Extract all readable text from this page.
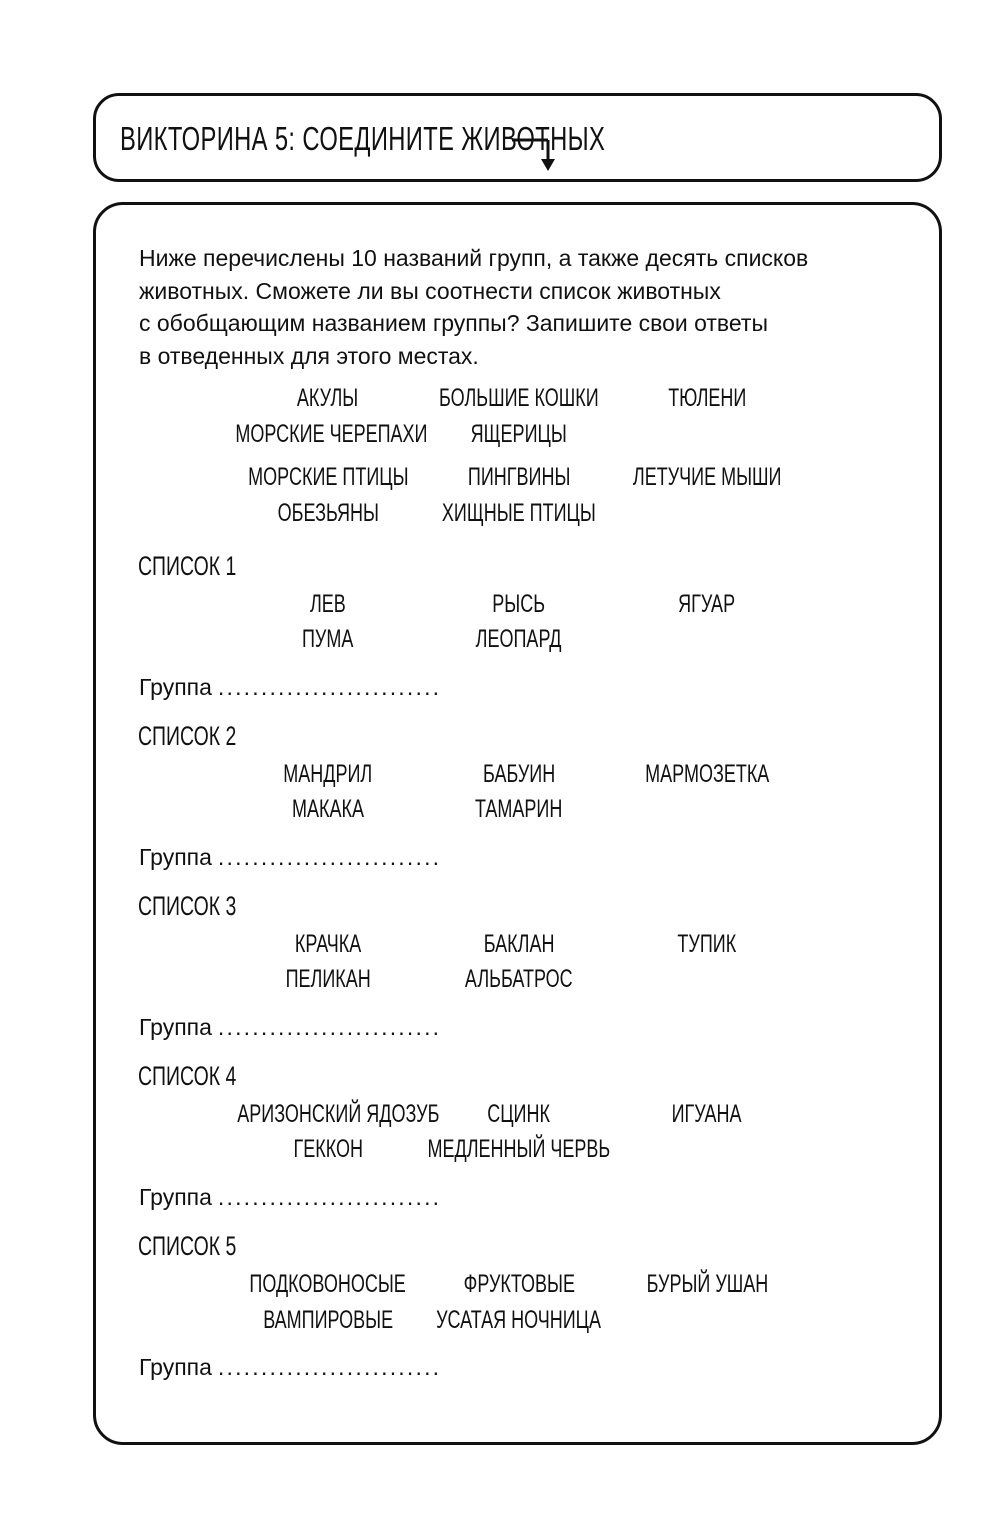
ВИКТОРИНА 5: СОЕДИНИТЕ ЖИВОТНЫХ

Ниже перечислены 10 названий групп, а также десять списков

животных. Сможете ли вы соотнести список животных

с обобщающим названием группы? Запишите свои ответы

в отведенных для этого местах.

АКУЛЫ	БОЛЬШИЕ КОШКИ	ТЮЛЕНИ
МОРСКИЕ ЧЕРЕПАХИ	ЯЩЕРИЦЫ
МОРСКИЕ ПТИЦЫ	ПИНГВИНЫ	ЛЕТУЧИЕ МЫШИ
ОБЕЗЬЯНЫ	ХИЩНЫЕ ПТИЦЫ
СПИСОК 1
ЛЕВ	РЫСЬ	ЯГУАР
ПУМА	ЛЕОПАРД
Группа ..........................
СПИСОК 2
МАНДРИЛ	БАБУИН	МАРМОЗЕТКА
МАКАКА	ТАМАРИН
Группа ..........................
СПИСОК 3
КРАЧКА	БАКЛАН	ТУПИК
ПЕЛИКАН	АЛЬБАТРОС
Группа ..........................
СПИСОК 4
АРИЗОНСКИЙ ЯДОЗУБ	СЦИНК	ИГУАНА
ГЕККОН	МЕДЛЕННЫЙ ЧЕРВЬ
Группа ..........................
СПИСОК 5
ПОДКОВОНОСЫЕ	ФРУКТОВЫЕ	БУРЫЙ УШАН
ВАМПИРОВЫЕ	УСАТАЯ НОЧНИЦА
Группа ..........................
